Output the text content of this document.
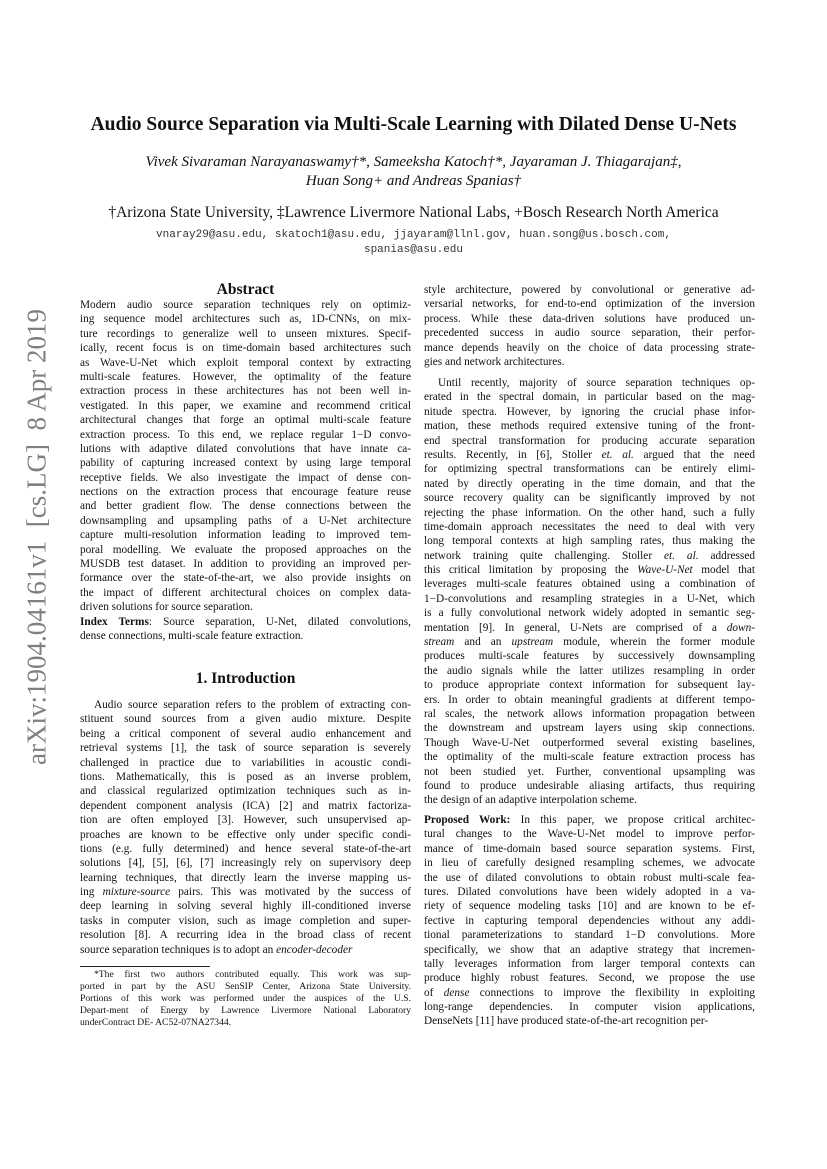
arXiv:1904.04161v1  [cs.LG]  8 Apr 2019
Audio Source Separation via Multi-Scale Learning with Dilated Dense U-Nets
Vivek Sivaraman Narayanaswamy†*, Sameeksha Katoch†*, Jayaraman J. Thiagarajan‡,
Huan Song+ and Andreas Spanias†
†Arizona State University, ‡Lawrence Livermore National Labs, +Bosch Research North America
vnaray29@asu.edu, skatoch1@asu.edu, jjayaram@llnl.gov, huan.song@us.bosch.com,
spanias@asu.edu
Abstract
Modern audio source separation techniques rely on optimiz-
ing sequence model architectures such as, 1D-CNNs, on mix-
ture recordings to generalize well to unseen mixtures. Specif-
ically, recent focus is on time-domain based architectures such
as Wave-U-Net which exploit temporal context by extracting
multi-scale features. However, the optimality of the feature
extraction process in these architectures has not been well in-
vestigated. In this paper, we examine and recommend critical
architectural changes that forge an optimal multi-scale feature
extraction process. To this end, we replace regular 1−D convo-
lutions with adaptive dilated convolutions that have innate ca-
pability of capturing increased context by using large temporal
receptive fields. We also investigate the impact of dense con-
nections on the extraction process that encourage feature reuse
and better gradient flow. The dense connections between the
downsampling and upsampling paths of a U-Net architecture
capture multi-resolution information leading to improved tem-
poral modelling. We evaluate the proposed approaches on the
MUSDB test dataset. In addition to providing an improved per-
formance over the state-of-the-art, we also provide insights on
the impact of different architectural choices on complex data-
driven solutions for source separation.
Index Terms: Source separation, U-Net, dilated convolutions,
dense connections, multi-scale feature extraction.
1. Introduction
Audio source separation refers to the problem of extracting con-
stituent sound sources from a given audio mixture. Despite
being a critical component of several audio enhancement and
retrieval systems [1], the task of source separation is severely
challenged in practice due to variabilities in acoustic condi-
tions. Mathematically, this is posed as an inverse problem,
and classical regularized optimization techniques such as in-
dependent component analysis (ICA) [2] and matrix factoriza-
tion are often employed [3]. However, such unsupervised ap-
proaches are known to be effective only under specific condi-
tions (e.g. fully determined) and hence several state-of-the-art
solutions [4], [5], [6], [7] increasingly rely on supervisory deep
learning techniques, that directly learn the inverse mapping us-
ing mixture-source pairs. This was motivated by the success of
deep learning in solving several highly ill-conditioned inverse
tasks in computer vision, such as image completion and super-
resolution [8]. A recurring idea in the broad class of recent
source separation techniques is to adopt an encoder-decoder
*The first two authors contributed equally. This work was sup-
ported in part by the ASU SenSIP Center, Arizona State University.
Portions of this work was performed under the auspices of the U.S.
Depart-ment of Energy by Lawrence Livermore National Laboratory
underContract DE- AC52-07NA27344.
style architecture, powered by convolutional or generative ad-
versarial networks, for end-to-end optimization of the inversion
process. While these data-driven solutions have produced un-
precedented success in audio source separation, their perfor-
mance depends heavily on the choice of data processing strate-
gies and network architectures.
Until recently, majority of source separation techniques op-
erated in the spectral domain, in particular based on the mag-
nitude spectra. However, by ignoring the crucial phase infor-
mation, these methods required extensive tuning of the front-
end spectral transformation for producing accurate separation
results. Recently, in [6], Stoller et. al. argued that the need
for optimizing spectral transformations can be entirely elimi-
nated by directly operating in the time domain, and that the
source recovery quality can be significantly improved by not
rejecting the phase information. On the other hand, such a fully
time-domain approach necessitates the need to deal with very
long temporal contexts at high sampling rates, thus making the
network training quite challenging. Stoller et. al. addressed
this critical limitation by proposing the Wave-U-Net model that
leverages multi-scale features obtained using a combination of
1−D-convolutions and resampling strategies in a U-Net, which
is a fully convolutional network widely adopted in semantic seg-
mentation [9]. In general, U-Nets are comprised of a down-
stream and an upstream module, wherein the former module
produces multi-scale features by successively downsampling
the audio signals while the latter utilizes resampling in order
to produce appropriate context information for subsequent lay-
ers. In order to obtain meaningful gradients at different tempo-
ral scales, the network allows information propagation between
the downstream and upstream layers using skip connections.
Though Wave-U-Net outperformed several existing baselines,
the optimality of the multi-scale feature extraction process has
not been studied yet. Further, conventional upsampling was
found to produce undesirable aliasing artifacts, thus requiring
the design of an adaptive interpolation scheme.
Proposed Work: In this paper, we propose critical architec-
tural changes to the Wave-U-Net model to improve perfor-
mance of time-domain based source separation systems. First,
in lieu of carefully designed resampling schemes, we advocate
the use of dilated convolutions to obtain robust multi-scale fea-
tures. Dilated convolutions have been widely adopted in a va-
riety of sequence modeling tasks [10] and are known to be ef-
fective in capturing temporal dependencies without any addi-
tional parameterizations to standard 1−D convolutions. More
specifically, we show that an adaptive strategy that incremen-
tally leverages information from larger temporal contexts can
produce highly robust features. Second, we propose the use
of dense connections to improve the flexibility in exploiting
long-range dependencies. In computer vision applications,
DenseNets [11] have produced state-of-the-art recognition per-
